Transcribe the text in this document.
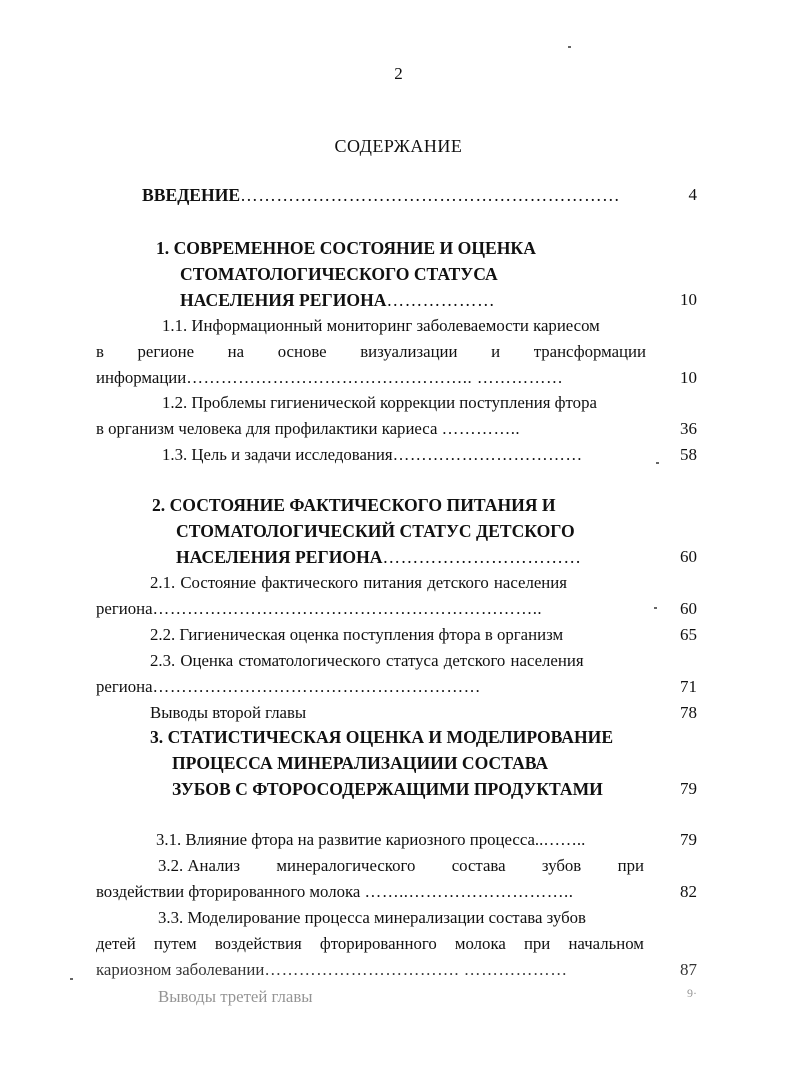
2
СОДЕРЖАНИЕ
ВВЕДЕНИЕ………………………………………………………	4
1. СОВРЕМЕННОЕ СОСТОЯНИЕ И ОЦЕНКА
СТОМАТОЛОГИЧЕСКОГО СТАТУСА
НАСЕЛЕНИЯ РЕГИОНА………………	10
1.1. Информационный мониторинг заболеваемости кариесом
в регионе на основе визуализации и трансформации
информации………………………………………….. ……………	10
1.2. Проблемы гигиенической коррекции поступления фтора
в организм человека для профилактики кариеса …………..	36
1.3. Цель и задачи исследования……………………………	58
2. СОСТОЯНИЕ ФАКТИЧЕСКОГО ПИТАНИЯ И
СТОМАТОЛОГИЧЕСКИЙ СТАТУС ДЕТСКОГО
НАСЕЛЕНИЯ РЕГИОНА……………………………	60
2.1. Состояние фактического питания детского населения
региона…………………………………………………………..	60
2.2. Гигиеническая оценка поступления фтора в организм	65
2.3. Оценка стоматологического статуса детского населения
региона…………………………………………………	71
Выводы второй главы	78
3. СТАТИСТИЧЕСКАЯ ОЦЕНКА И МОДЕЛИРОВАНИЕ
ПРОЦЕССА МИНЕРАЛИЗАЦИИИ СОСТАВА
ЗУБОВ С ФТОРОСОДЕРЖАЩИМИ ПРОДУКТАМИ	79
3.1. Влияние фтора на развитие кариозного процесса..……..	79
3.2. Анализ минералогического состава зубов при
воздействии фторированного молока ……..………………………..	82
3.3. Моделирование процесса минерализации состава зубов
детей путем воздействия фторированного молока при начальном
кариозном заболевании……………………………. ………………	87
Выводы третей главы	9·
